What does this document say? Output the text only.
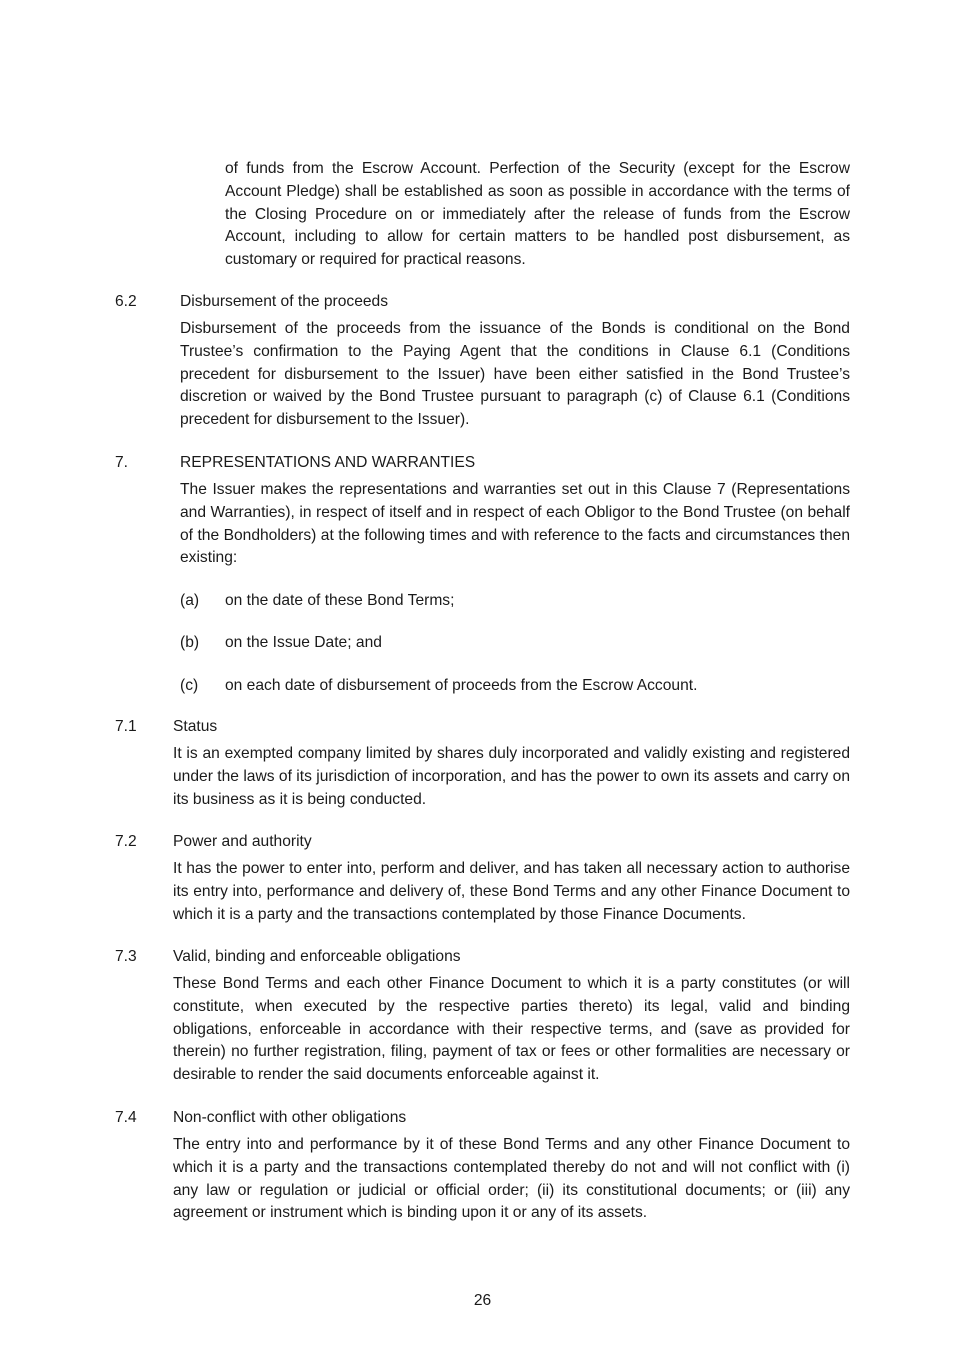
of funds from the Escrow Account. Perfection of the Security (except for the Escrow Account Pledge) shall be established as soon as possible in accordance with the terms of the Closing Procedure on or immediately after the release of funds from the Escrow Account, including to allow for certain matters to be handled post disbursement, as customary or required for practical reasons.

6.2	Disbursement of the proceeds

Disbursement of the proceeds from the issuance of the Bonds is conditional on the Bond Trustee’s confirmation to the Paying Agent that the conditions in Clause 6.1 (Conditions precedent for disbursement to the Issuer) have been either satisfied in the Bond Trustee’s discretion or waived by the Bond Trustee pursuant to paragraph (c) of Clause 6.1 (Conditions precedent for disbursement to the Issuer).

7.	REPRESENTATIONS AND WARRANTIES

The Issuer makes the representations and warranties set out in this Clause 7 (Representations and Warranties), in respect of itself and in respect of each Obligor to the Bond Trustee (on behalf of the Bondholders) at the following times and with reference to the facts and circumstances then existing:

(a) on the date of these Bond Terms;
(b) on the Issue Date; and
(c) on each date of disbursement of proceeds from the Escrow Account.
7.1 Status

It is an exempted company limited by shares duly incorporated and validly existing and registered under the laws of its jurisdiction of incorporation, and has the power to own its assets and carry on its business as it is being conducted.

7.2 Power and authority

It has the power to enter into, perform and deliver, and has taken all necessary action to authorise its entry into, performance and delivery of, these Bond Terms and any other Finance Document to which it is a party and the transactions contemplated by those Finance Documents.

7.3 Valid, binding and enforceable obligations

These Bond Terms and each other Finance Document to which it is a party constitutes (or will constitute, when executed by the respective parties thereto) its legal, valid and binding obligations, enforceable in accordance with their respective terms, and (save as provided for therein) no further registration, filing, payment of tax or fees or other formalities are necessary or desirable to render the said documents enforceable against it.

7.4 Non-conflict with other obligations

The entry into and performance by it of these Bond Terms and any other Finance Document to which it is a party and the transactions contemplated thereby do not and will not conflict with (i) any law or regulation or judicial or official order; (ii) its constitutional documents; or (iii) any agreement or instrument which is binding upon it or any of its assets.

26
